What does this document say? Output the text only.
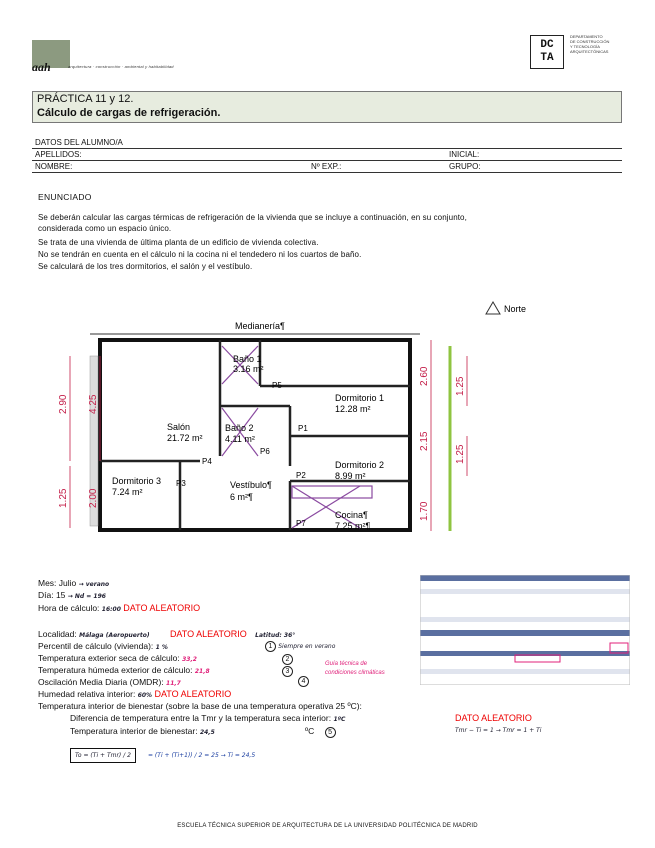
aah	arquitectura · construcción · ambiental y habitabilidad
DC
TA
DEPARTAMENTO
DE CONSTRUCCIÓN
Y TECNOLOGÍA
ARQUITECTÓNICAS
PRÁCTICA 11 y 12.
Cálculo de cargas de refrigeración.
DATOS DEL ALUMNO/A		
APELLIDOS:		INICIAL:
NOMBRE:	Nº EXP.:	GRUPO:
ENUNCIADO
Se deberán calcular las cargas térmicas de refrigeración de la vivienda que se incluye a continuación, en su conjunto,
considerada como un espacio único.
Se trata de una vivienda de última planta de un edificio de vivienda colectiva.
No se tendrán en cuenta en el cálculo ni la cocina ni el tendedero ni los cuartos de baño.
Se calculará de los tres dormitorios, el salón y el vestíbulo.
Norte
Medianería¶
Baño 1
3.16 m²
Dormitorio 1
12.28 m²
Salón
21.72 m²
Baño 2
4.11 m²
Dormitorio 2
8.99 m²
Dormitorio 3
7.24 m²
Vestíbulo¶
6 m²¶
Cocina¶
7.25 m²¶
P5
P1
P6
P4
P3
P2
P7
2.90 4.25
1.25 2.00
2.60
1.25
2.15
1.25
1.70
Mes: Julio → verano
Día: 15 → Nd = 196
Hora de cálculo: 16:00 DATO ALEATORIO
Localidad: Málaga (Aeropuerto) DATO ALEATORIO Latitud: 36°
Percentil de cálculo (vivienda): 1 %	1 Siempre en verano
Temperatura exterior seca de cálculo: 33,2
Temperatura húmeda exterior de cálculo: 21,8
2
3
4
Guía técnica de condiciones climáticas
Oscilación Media Diaria (OMDR): 11,7
Humedad relativa interior: 60% DATO ALEATORIO
Temperatura interior de bienestar (sobre la base de una temperatura operativa 25 ºC):
Diferencia de temperatura entre la Tmr y la temperatura seca interior: 1ºC	DATO ALEATORIO
Tmr − Ti = 1 → Tmr = 1 + Ti
Temperatura interior de bienestar: 24,5	ºC 5
To = (Ti + Tmr) / 2	= (Ti + (Ti+1)) / 2 = 25 → Ti = 24,5
ESCUELA TÉCNICA SUPERIOR DE ARQUITECTURA DE LA UNIVERSIDAD POLITÉCNICA DE MADRID
